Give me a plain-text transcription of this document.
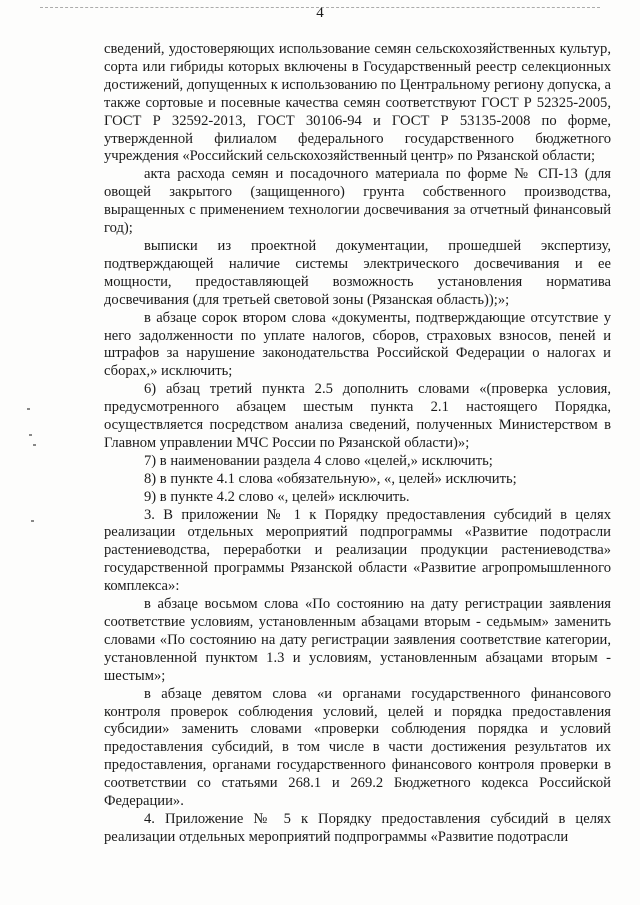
4

сведений, удостоверяющих использование семян сельскохозяйственных культур, сорта или гибриды которых включены в Государственный реестр селекционных достижений, допущенных к использованию по Центральному региону допуска, а также сортовые и посевные качества семян соответствуют ГОСТ Р 52325-2005, ГОСТ Р 32592-2013, ГОСТ 30106-94 и ГОСТ Р 53135-2008 по форме, утвержденной филиалом федерального государственного бюджетного учреждения «Российский сельскохозяйственный центр» по Рязанской области;

акта расхода семян и посадочного материала по форме № СП-13 (для овощей закрытого (защищенного) грунта собственного производства, выращенных с применением технологии досвечивания за отчетный финансовый год);

выписки из проектной документации, прошедшей экспертизу, подтверждающей наличие системы электрического досвечивания и ее мощности, предоставляющей возможность установления норматива досвечивания (для третьей световой зоны (Рязанская область));»;

в абзаце сорок втором слова «документы, подтверждающие отсутствие у него задолженности по уплате налогов, сборов, страховых взносов, пеней и штрафов за нарушение законодательства Российской Федерации о налогах и сборах,» исключить;

6) абзац третий пункта 2.5 дополнить словами «(проверка условия, предусмотренного абзацем шестым пункта 2.1 настоящего Порядка, осуществляется посредством анализа сведений, полученных Министерством в Главном управлении МЧС России по Рязанской области)»;

7) в наименовании раздела 4 слово «целей,» исключить;

8) в пункте 4.1 слова «обязательную», «, целей» исключить;

9) в пункте 4.2 слово «, целей» исключить.

3. В приложении № 1 к Порядку предоставления субсидий в целях реализации отдельных мероприятий подпрограммы «Развитие подотрасли растениеводства, переработки и реализации продукции растениеводства» государственной программы Рязанской области «Развитие агропромышленного комплекса»:

в абзаце восьмом слова «По состоянию на дату регистрации заявления соответствие условиям, установленным абзацами вторым - седьмым» заменить словами «По состоянию на дату регистрации заявления соответствие категории, установленной пунктом 1.3 и условиям, установленным абзацами вторым - шестым»;

в абзаце девятом слова «и органами государственного финансового контроля проверок соблюдения условий, целей и порядка предоставления субсидии» заменить словами «проверки соблюдения порядка и условий предоставления субсидий, в том числе в части достижения результатов их предоставления, органами государственного финансового контроля проверки в соответствии со статьями 268.1 и 269.2 Бюджетного кодекса Российской Федерации».

4. Приложение № 5 к Порядку предоставления субсидий в целях реализации отдельных мероприятий подпрограммы «Развитие подотрасли
